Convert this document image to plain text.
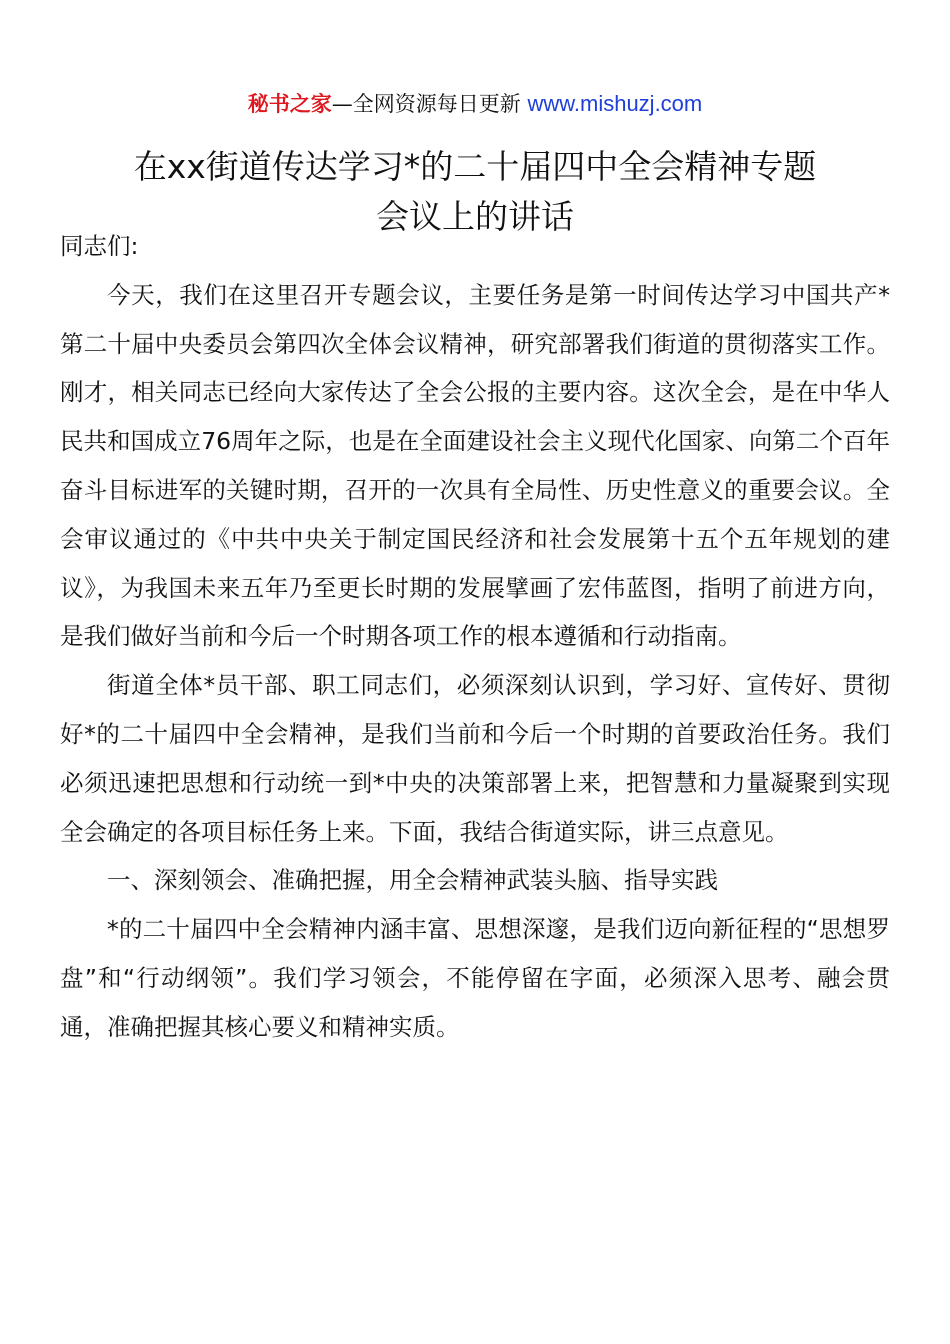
秘书之家—全网资源每日更新 www.mishuzj.com
在xx街道传达学习*的二十届四中全会精神专题
会议上的讲话

同志们:

今天，我们在这里召开专题会议，主要任务是第一时间传达学习中国共产*第二十届中央委员会第四次全体会议精神，研究部署我们街道的贯彻落实工作。刚才，相关同志已经向大家传达了全会公报的主要内容。这次全会，是在中华人民共和国成立76周年之际，也是在全面建设社会主义现代化国家、向第二个百年奋斗目标进军的关键时期，召开的一次具有全局性、历史性意义的重要会议。全会审议通过的《中共中央关于制定国民经济和社会发展第十五个五年规划的建议》，为我国未来五年乃至更长时期的发展擘画了宏伟蓝图，指明了前进方向，是我们做好当前和今后一个时期各项工作的根本遵循和行动指南。

街道全体*员干部、职工同志们，必须深刻认识到，学习好、宣传好、贯彻好*的二十届四中全会精神，是我们当前和今后一个时期的首要政治任务。我们必须迅速把思想和行动统一到*中央的决策部署上来，把智慧和力量凝聚到实现全会确定的各项目标任务上来。下面，我结合街道实际，讲三点意见。

一、深刻领会、准确把握，用全会精神武装头脑、指导实践

*的二十届四中全会精神内涵丰富、思想深邃，是我们迈向新征程的“思想罗盘”和“行动纲领”。我们学习领会，不能停留在字面，必须深入思考、融会贯通，准确把握其核心要义和精神实质。
